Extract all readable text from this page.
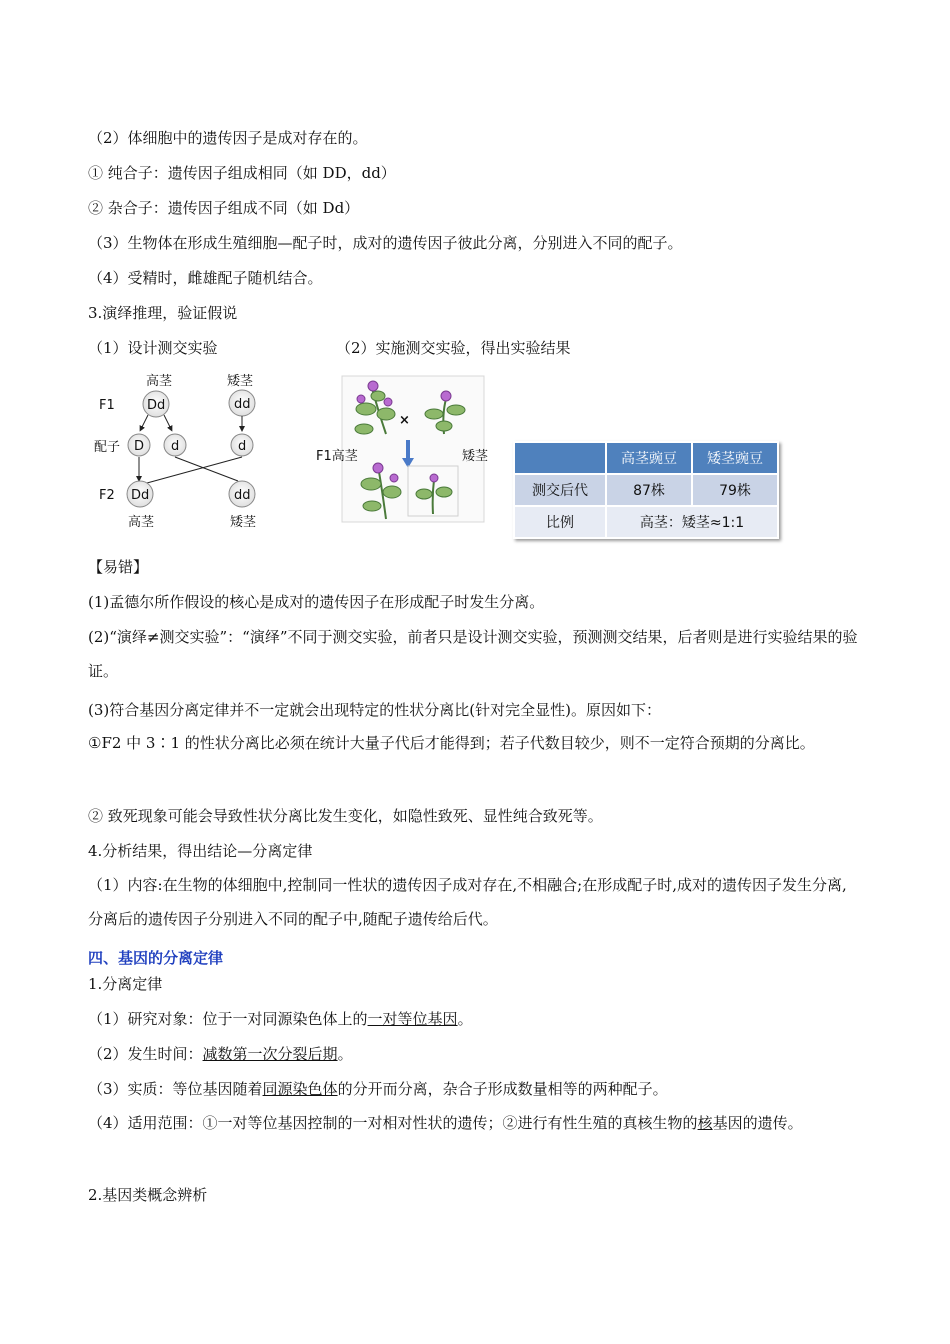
（2）体细胞中的遗传因子是成对存在的。
① 纯合子：遗传因子组成相同（如 DD，dd）
② 杂合子：遗传因子组成不同（如 Dd）
（3）生物体在形成生殖细胞—配子时，成对的遗传因子彼此分离，分别进入不同的配子。
（4）受精时，雌雄配子随机结合。
3.演绎推理，验证假说
（1）设计测交实验	（2）实施测交实验，得出实验结果
高茎	矮茎
F1 Dd	dd
配子 D d	d
F2 Dd	dd
高茎	矮茎
×
F1高茎	矮茎
		高茎豌豆	矮茎豌豆
测交后代	87株	79株
比例	高茎：矮茎≈1:1	
【易错】
(1)孟德尔所作假设的核心是成对的遗传因子在形成配子时发生分离。
(2)“演绎≠测交实验”：“演绎”不同于测交实验，前者只是设计测交实验，预测测交结果，后者则是进行实验结果的验证。
(3)符合基因分离定律并不一定就会出现特定的性状分离比(针对完全显性)。原因如下：
①F2 中 3∶1 的性状分离比必须在统计大量子代后才能得到；若子代数目较少，则不一定符合预期的分离比。
② 致死现象可能会导致性状分离比发生变化，如隐性致死、显性纯合致死等。
4.分析结果，得出结论—分离定律
（1）内容:在生物的体细胞中,控制同一性状的遗传因子成对存在,不相融合;在形成配子时,成对的遗传因子发生分离, 分离后的遗传因子分别进入不同的配子中,随配子遗传给后代。
四、基因的分离定律
1.分离定律
（1）研究对象：位于一对同源染色体上的一对等位基因。
（2）发生时间：减数第一次分裂后期。
（3）实质：等位基因随着同源染色体的分开而分离，杂合子形成数量相等的两种配子。
（4）适用范围：①一对等位基因控制的一对相对性状的遗传；②进行有性生殖的真核生物的核基因的遗传。
2.基因类概念辨析
